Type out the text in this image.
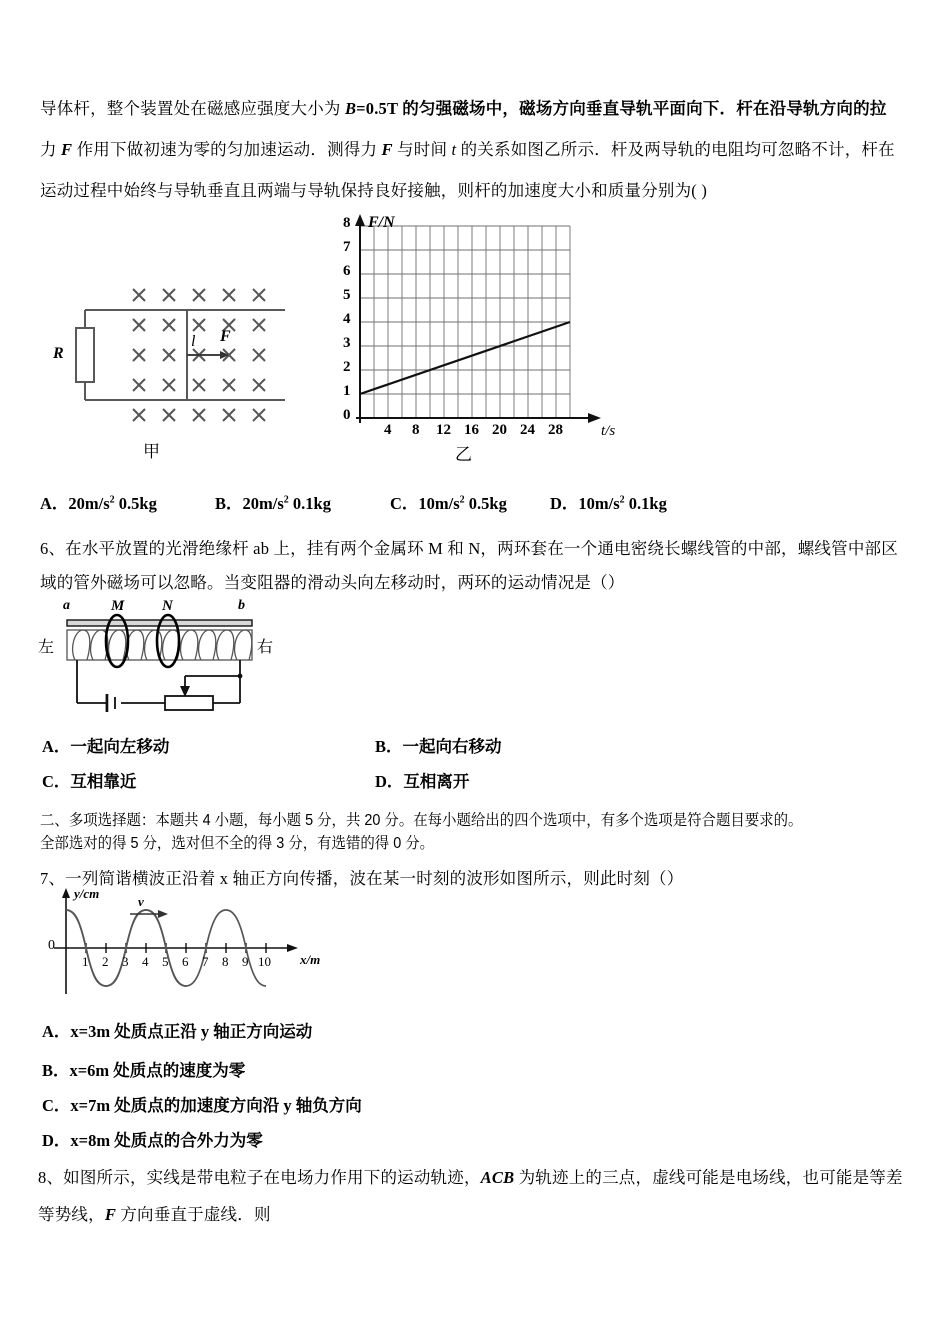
导体杆，整个装置处在磁感应强度大小为 B=0.5T 的匀强磁场中，磁场方向垂直导轨平面向下．杆在沿导轨方向的拉
力 F 作用下做初速为零的匀加速运动．测得力 F 与时间 t 的关系如图乙所示．杆及两导轨的电阻均可忽略不计，杆在
运动过程中始终与导轨垂直且两端与导轨保持良好接触，则杆的加速度大小和质量分别为( )
R
l F
甲
F/N
t/s
0
1
2
3
4
5
6
7
8
4 8 12 16 20 24 28
乙
A．$20m/s^2$ 0.5kg	B．$20m/s^2$ 0.1kg	C．$10m/s^2$ 0.5kg	D．$10m/s^2$ 0.1kg
6、在水平放置的光滑绝缘杆 ab 上，挂有两个金属环 M 和 N，两环套在一个通电密绕长螺线管的中部，螺线管中部区
域的管外磁场可以忽略。当变阻器的滑动头向左移动时，两环的运动情况是（）
a	M	N	b
左	右
A．一起向左移动	B．一起向右移动
C．互相靠近	D．互相离开
二、多项选择题：本题共 4 小题，每小题 5 分，共 20 分。在每小题给出的四个选项中，有多个选项是符合题目要求的。
全部选对的得 5 分，选对但不全的得 3 分，有选错的得 0 分。
7、一列简谐横波正沿着 x 轴正方向传播，波在某一时刻的波形如图所示，则此时刻（）
y/cm
x/m
0
v
1 2 3 4 5 6 7 8 9 10
A．x=3m 处质点正沿 y 轴正方向运动
B．x=6m 处质点的速度为零
C．x=7m 处质点的加速度方向沿 y 轴负方向
D．x=8m 处质点的合外力为零
8、如图所示，实线是带电粒子在电场力作用下的运动轨迹，ACB 为轨迹上的三点，虚线可能是电场线，也可能是等差
等势线，F 方向垂直于虚线．则
